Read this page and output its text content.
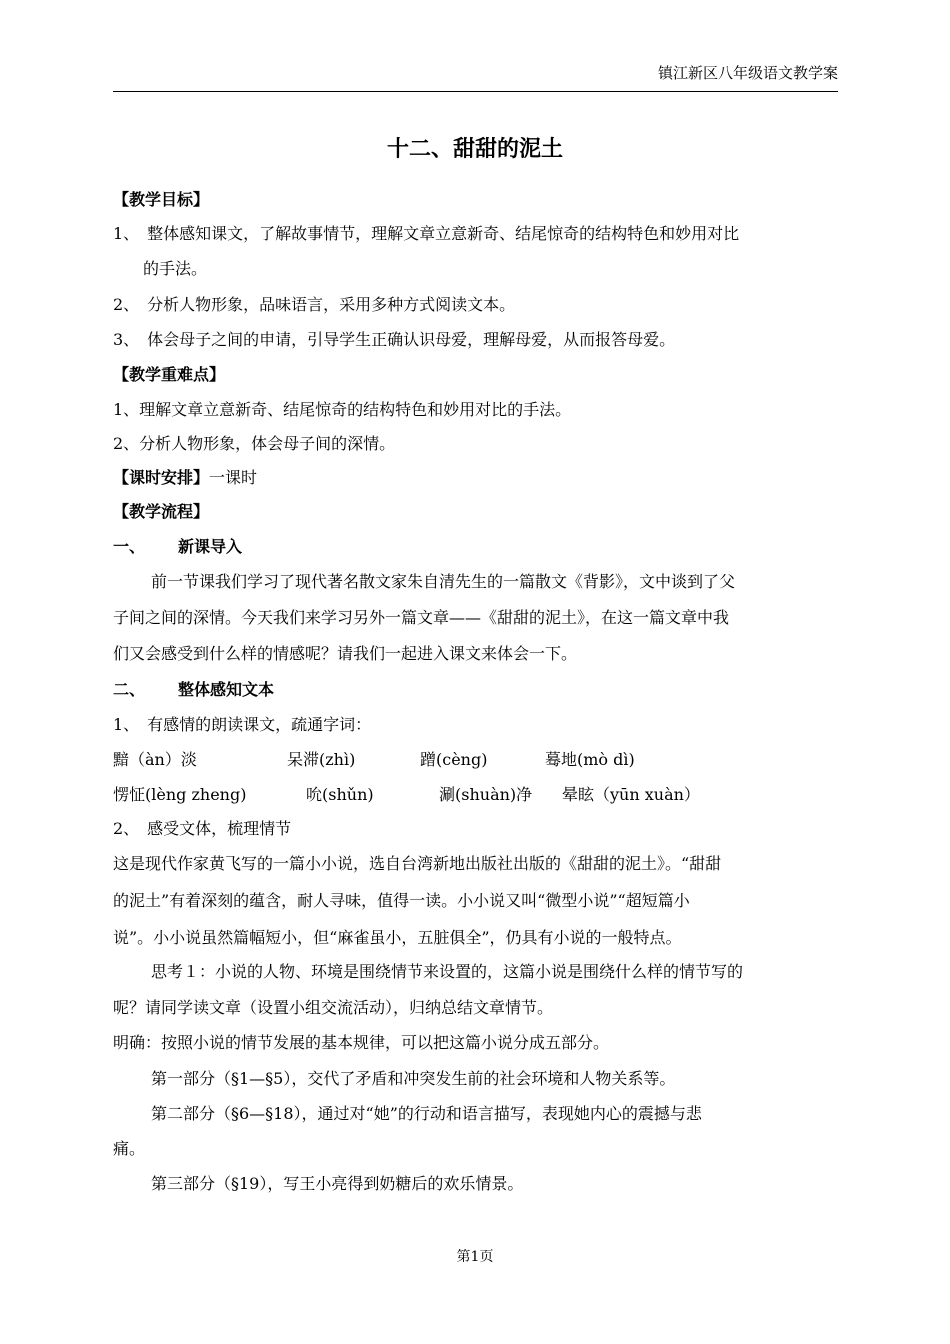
镇江新区八年级语文教学案
十二、甜甜的泥土
【教学目标】
1、　整体感知课文，了解故事情节，理解文章立意新奇、结尾惊奇的结构特色和妙用对比
的手法。
2、　分析人物形象，品味语言，采用多种方式阅读文本。
3、　体会母子之间的申请，引导学生正确认识母爱，理解母爱，从而报答母爱。
【教学重难点】
1、理解文章立意新奇、结尾惊奇的结构特色和妙用对比的手法。
2、分析人物形象，体会母子间的深情。
【课时安排】一课时
【教学流程】
一、 新课导入
前一节课我们学习了现代著名散文家朱自清先生的一篇散文《背影》，文中谈到了父
子间之间的深情。今天我们来学习另外一篇文章——《甜甜的泥土》，在这一篇文章中我
们又会感受到什么样的情感呢？请我们一起进入课文来体会一下。
二、 整体感知文本
1、　有感情的朗读课文，疏通字词：
黯（àn）淡	呆滞(zhì)	蹭(cèng)	蓦地(mò dì)
愣怔(lèng zheng)	吮(shǔn)	涮(shuàn)净 晕眩（yūn xuàn）
2、　感受文体，梳理情节
这是现代作家黄飞写的一篇小小说，选自台湾新地出版社出版的《甜甜的泥土》。“甜甜
的泥土”有着深刻的蕴含，耐人寻味，值得一读。小小说又叫“微型小说”“超短篇小
说”。小小说虽然篇幅短小，但“麻雀虽小，五脏俱全”，仍具有小说的一般特点。
思考１：小说的人物、环境是围绕情节来设置的，这篇小说是围绕什么样的情节写的
呢？请同学读文章（设置小组交流活动），归纳总结文章情节。
明确：按照小说的情节发展的基本规律，可以把这篇小说分成五部分。
第一部分（§1—§5），交代了矛盾和冲突发生前的社会环境和人物关系等。
第二部分（§6—§18），通过对“她”的行动和语言描写，表现她内心的震撼与悲
痛。
第三部分（§19），写王小亮得到奶糖后的欢乐情景。
第1页
